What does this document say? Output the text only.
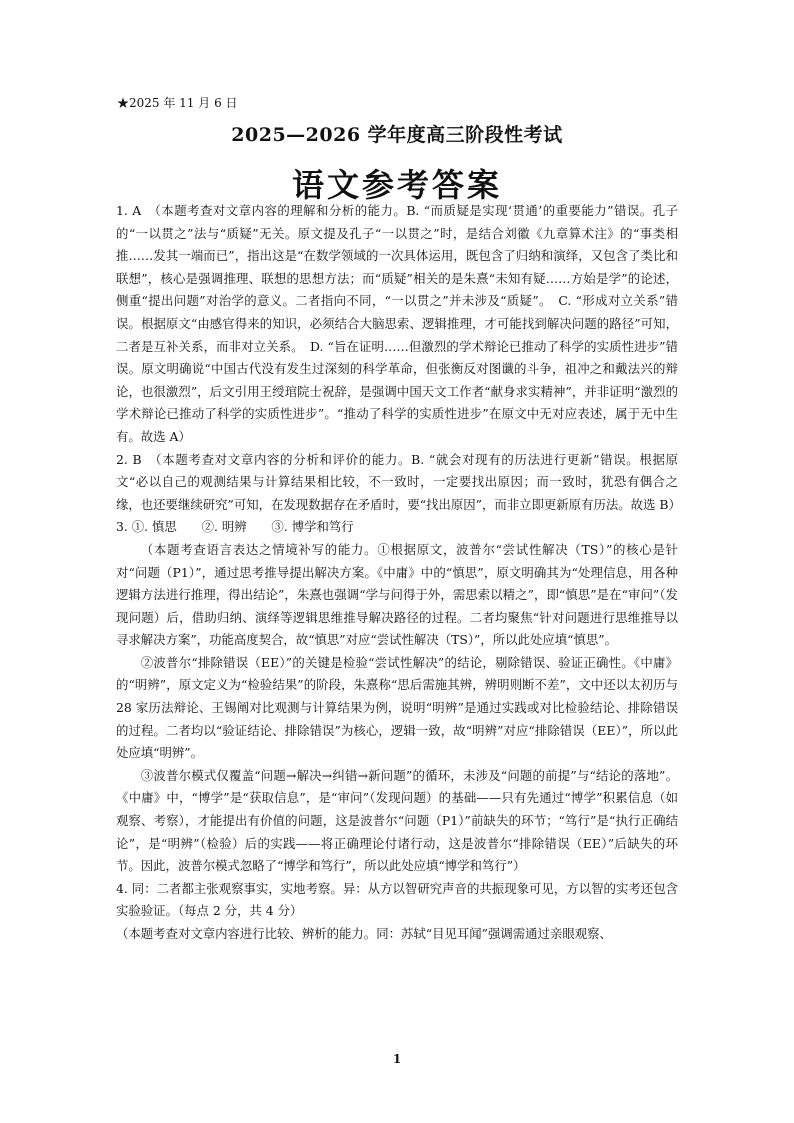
★2025 年 11 月 6 日
2025—2026 学年度高三阶段性考试
语文参考答案

1. A　（本题考查对文章内容的理解和分析的能力。B. “而质疑是实现‘贯通’的重要能力”错误。孔子的“一以贯之”法与“质疑”无关。原文提及孔子“一以贯之”时，是结合刘徽《九章算术注》的“事类相推……发其一端而已”，指出这是“在数学领域的一次具体运用，既包含了归纳和演绎，又包含了类比和联想”，核心是强调推理、联想的思想方法；而“质疑”相关的是朱熹“未知有疑……方始是学”的论述，侧重“提出问题”对治学的意义。二者指向不同，“一以贯之”并未涉及“质疑”。　C. “形成对立关系”错误。根据原文“由感官得来的知识，必须结合大脑思索、逻辑推理，才可能找到解决问题的路径”可知，二者是互补关系，而非对立关系。　D. “旨在证明……但激烈的学术辩论已推动了科学的实质性进步”错误。原文明确说“中国古代没有发生过深刻的科学革命，但张衡反对图谶的斗争，祖冲之和戴法兴的辩论，也很激烈”，后文引用王绶琯院士祝辞，是强调中国天文工作者“献身求实精神”，并非证明“激烈的学术辩论已推动了科学的实质性进步”。“推动了科学的实质性进步”在原文中无对应表述，属于无中生有。故选 A）

2. B　（本题考查对文章内容的分析和评价的能力。B. “就会对现有的历法进行更新”错误。根据原文“必以自己的观测结果与计算结果相比较，不一致时，一定要找出原因；而一致时，犹恐有偶合之缘，也还要继续研究”可知，在发现数据存在矛盾时，要“找出原因”，而非立即更新原有历法。故选 B）

3. ①. 慎思　　②. 明辨　　③. 博学和笃行

（本题考查语言表达之情境补写的能力。①根据原文，波普尔“尝试性解决（TS）”的核心是针对“问题（P1）”，通过思考推导提出解决方案。《中庸》中的“慎思”，原文明确其为“处理信息，用各种逻辑方法进行推理，得出结论”，朱熹也强调“学与问得于外，需思索以精之”，即“慎思”是在“审问”（发现问题）后，借助归纳、演绎等逻辑思维推导解决路径的过程。二者均聚焦“针对问题进行思维推导以寻求解决方案”，功能高度契合，故“慎思”对应“尝试性解决（TS）”，所以此处应填“慎思”。

②波普尔“排除错误（EE）”的关键是检验“尝试性解决”的结论，剔除错误、验证正确性。《中庸》的“明辨”，原文定义为“检验结果”的阶段，朱熹称“思后需施其辨，辨明则断不差”，文中还以太初历与 28 家历法辩论、王锡阐对比观测与计算结果为例，说明“明辨”是通过实践或对比检验结论、排除错误的过程。二者均以“验证结论、排除错误”为核心，逻辑一致，故“明辨”对应“排除错误（EE）”，所以此处应填“明辨”。

③波普尔模式仅覆盖“问题→解决→纠错→新问题”的循环，未涉及“问题的前提”与“结论的落地”。《中庸》中，“博学”是“获取信息”，是“审问”（发现问题）的基础——只有先通过“博学”积累信息（如观察、考察），才能提出有价值的问题，这是波普尔“问题（P1）”前缺失的环节；“笃行”是“执行正确结论”，是“明辨”（检验）后的实践——将正确理论付诸行动，这是波普尔“排除错误（EE）”后缺失的环节。因此，波普尔模式忽略了“博学和笃行”，所以此处应填“博学和笃行”）

4. 同：二者都主张观察事实，实地考察。异：从方以智研究声音的共振现象可见，方以智的实考还包含实验验证。（每点 2 分，共 4 分）

（本题考查对文章内容进行比较、辨析的能力。同：苏轼“目见耳闻”强调需通过亲眼观察、

1
